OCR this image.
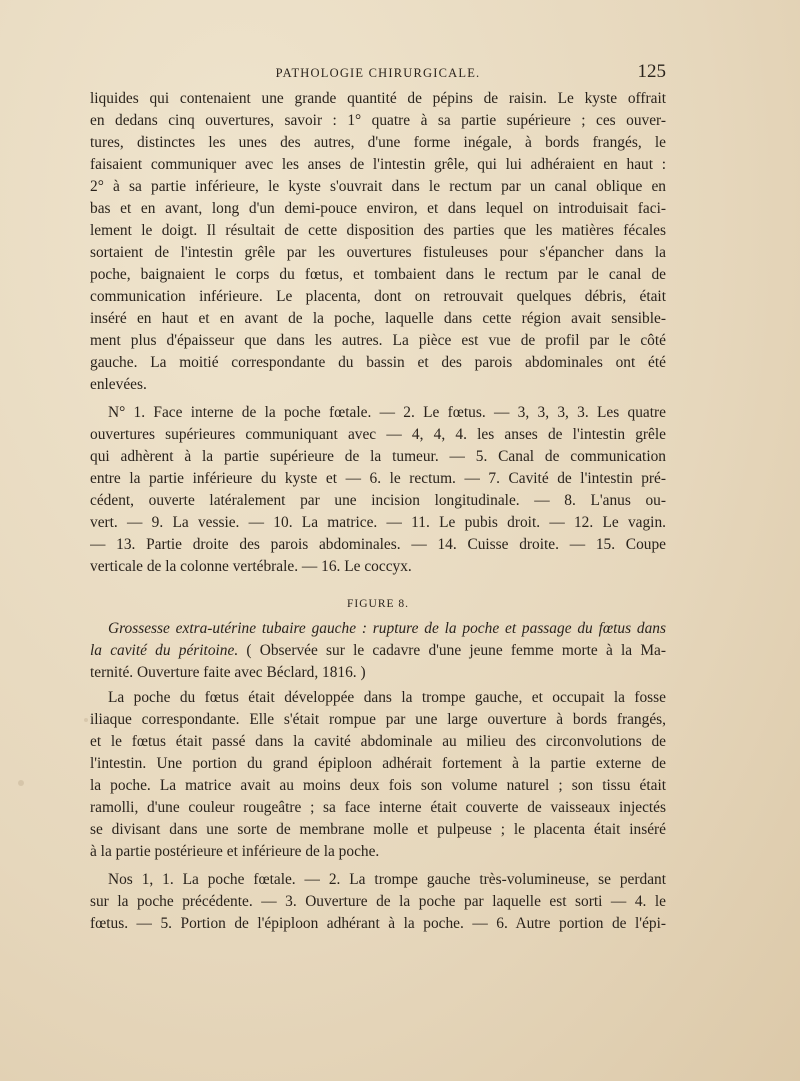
PATHOLOGIE CHIRURGICALE.	125
liquides qui contenaient une grande quantité de pépins de raisin. Le kyste offrait
en dedans cinq ouvertures, savoir : 1° quatre à sa partie supérieure ; ces ouver-
tures, distinctes les unes des autres, d'une forme inégale, à bords frangés, le
faisaient communiquer avec les anses de l'intestin grêle, qui lui adhéraient en haut :
2° à sa partie inférieure, le kyste s'ouvrait dans le rectum par un canal oblique en
bas et en avant, long d'un demi-pouce environ, et dans lequel on introduisait faci-
lement le doigt. Il résultait de cette disposition des parties que les matières fécales
sortaient de l'intestin grêle par les ouvertures fistuleuses pour s'épancher dans la
poche, baignaient le corps du fœtus, et tombaient dans le rectum par le canal de
communication inférieure. Le placenta, dont on retrouvait quelques débris, était
inséré en haut et en avant de la poche, laquelle dans cette région avait sensible-
ment plus d'épaisseur que dans les autres. La pièce est vue de profil par le côté
gauche. La moitié correspondante du bassin et des parois abdominales ont été
enlevées.
N° 1. Face interne de la poche fœtale. — 2. Le fœtus. — 3, 3, 3, 3. Les quatre
ouvertures supérieures communiquant avec — 4, 4, 4. les anses de l'intestin grêle
qui adhèrent à la partie supérieure de la tumeur. — 5. Canal de communication
entre la partie inférieure du kyste et — 6. le rectum. — 7. Cavité de l'intestin pré-
cédent, ouverte latéralement par une incision longitudinale. — 8. L'anus ou-
vert. — 9. La vessie. — 10. La matrice. — 11. Le pubis droit. — 12. Le vagin.
— 13. Partie droite des parois abdominales. — 14. Cuisse droite. — 15. Coupe
verticale de la colonne vertébrale. — 16. Le coccyx.
FIGURE 8.
Grossesse extra-utérine tubaire gauche : rupture de la poche et passage du fœtus dans
la cavité du péritoine. ( Observée sur le cadavre d'une jeune femme morte à la Ma-
ternité. Ouverture faite avec Béclard, 1816. )
La poche du fœtus était développée dans la trompe gauche, et occupait la fosse
iliaque correspondante. Elle s'était rompue par une large ouverture à bords frangés,
et le fœtus était passé dans la cavité abdominale au milieu des circonvolutions de
l'intestin. Une portion du grand épiploon adhérait fortement à la partie externe de
la poche. La matrice avait au moins deux fois son volume naturel ; son tissu était
ramolli, d'une couleur rougeâtre ; sa face interne était couverte de vaisseaux injectés
se divisant dans une sorte de membrane molle et pulpeuse ; le placenta était inséré
à la partie postérieure et inférieure de la poche.
Nos 1, 1. La poche fœtale. — 2. La trompe gauche très-volumineuse, se perdant
sur la poche précédente. — 3. Ouverture de la poche par laquelle est sorti — 4. le
fœtus. — 5. Portion de l'épiploon adhérant à la poche. — 6. Autre portion de l'épi-
